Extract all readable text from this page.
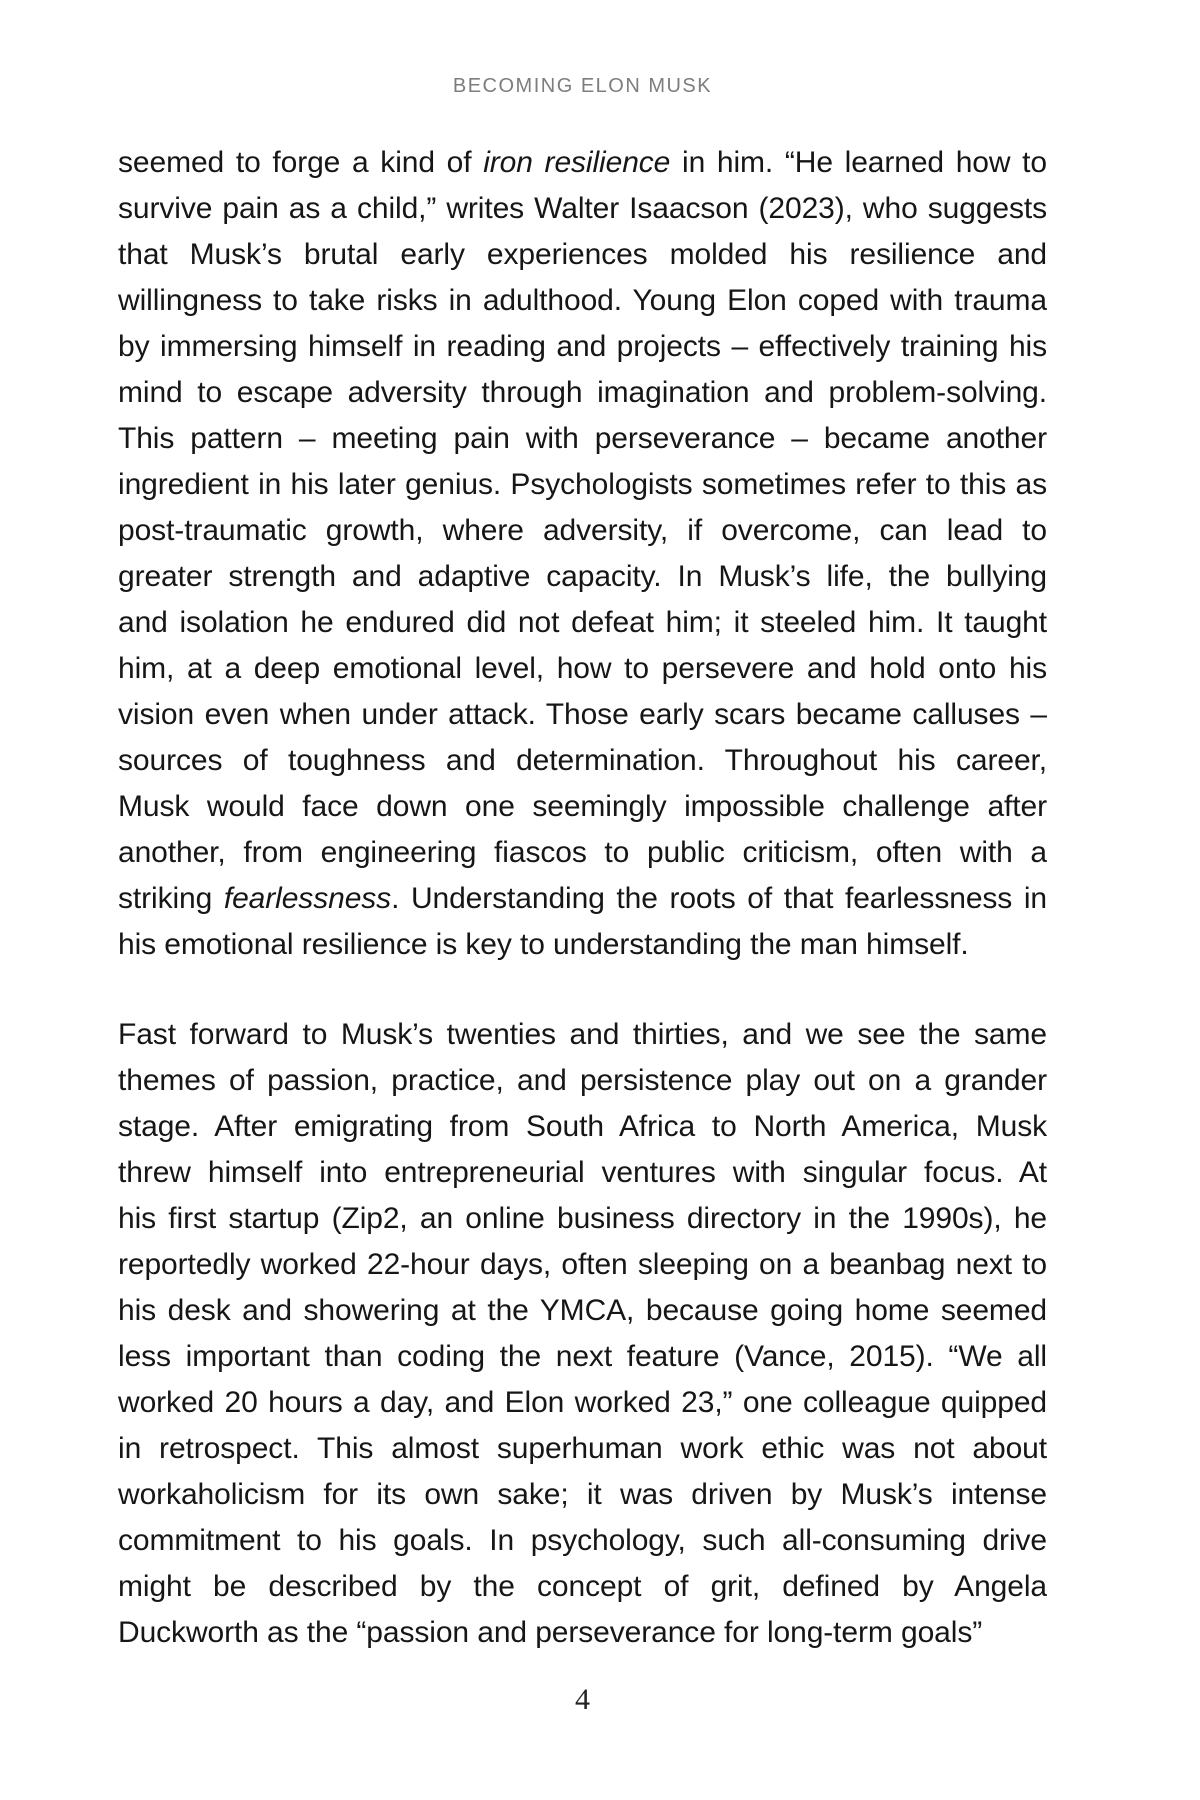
BECOMING ELON MUSK
seemed to forge a kind of iron resilience in him. “He learned how to
survive pain as a child,” writes Walter Isaacson (2023), who suggests
that Musk’s brutal early experiences molded his resilience and
willingness to take risks in adulthood. Young Elon coped with trauma
by immersing himself in reading and projects – effectively training his
mind to escape adversity through imagination and problem-solving.
This pattern – meeting pain with perseverance – became another
ingredient in his later genius. Psychologists sometimes refer to this as
post-traumatic growth, where adversity, if overcome, can lead to
greater strength and adaptive capacity. In Musk’s life, the bullying
and isolation he endured did not defeat him; it steeled him. It taught
him, at a deep emotional level, how to persevere and hold onto his
vision even when under attack. Those early scars became calluses –
sources of toughness and determination. Throughout his career,
Musk would face down one seemingly impossible challenge after
another, from engineering fiascos to public criticism, often with a
striking fearlessness. Understanding the roots of that fearlessness in
his emotional resilience is key to understanding the man himself.
Fast forward to Musk’s twenties and thirties, and we see the same
themes of passion, practice, and persistence play out on a grander
stage. After emigrating from South Africa to North America, Musk
threw himself into entrepreneurial ventures with singular focus. At
his first startup (Zip2, an online business directory in the 1990s), he
reportedly worked 22-hour days, often sleeping on a beanbag next to
his desk and showering at the YMCA, because going home seemed
less important than coding the next feature (Vance, 2015). “We all
worked 20 hours a day, and Elon worked 23,” one colleague quipped
in retrospect. This almost superhuman work ethic was not about
workaholicism for its own sake; it was driven by Musk’s intense
commitment to his goals. In psychology, such all-consuming drive
might be described by the concept of grit, defined by Angela
Duckworth as the “passion and perseverance for long-term goals”
4
